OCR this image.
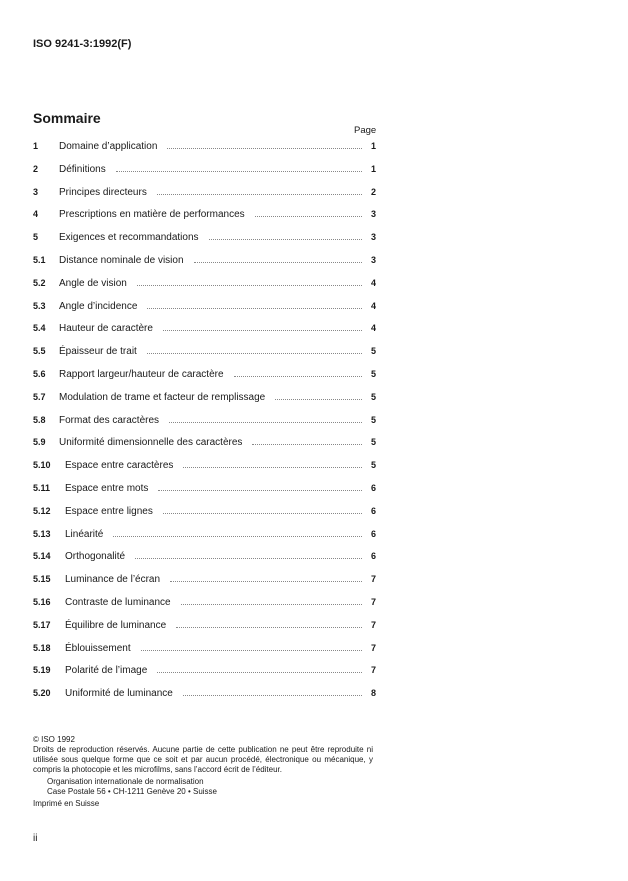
ISO 9241-3:1992(F)
Sommaire
Page
1	Domaine d’application	1
2	Définitions	1
3	Principes directeurs	2
4	Prescriptions en matière de performances	3
5	Exigences et recommandations	3
5.1	Distance nominale de vision	3
5.2	Angle de vision	4
5.3	Angle d’incidence	4
5.4	Hauteur de caractère	4
5.5	Épaisseur de trait	5
5.6	Rapport largeur/hauteur de caractère	5
5.7	Modulation de trame et facteur de remplissage	5
5.8	Format des caractères	5
5.9	Uniformité dimensionnelle des caractères	5
5.10	Espace entre caractères	5
5.11	Espace entre mots	6
5.12	Espace entre lignes	6
5.13	Linéarité	6
5.14	Orthogonalité	6
5.15	Luminance de l’écran	7
5.16	Contraste de luminance	7
5.17	Équilibre de luminance	7
5.18	Éblouissement	7
5.19	Polarité de l’image	7
5.20	Uniformité de luminance	8
© ISO 1992
Droits de reproduction réservés. Aucune partie de cette publication ne peut être reproduite ni utilisée sous quelque forme que ce soit et par aucun procédé, électronique ou mécanique, y compris la photocopie et les microfilms, sans l’accord écrit de l’éditeur.
Organisation internationale de normalisation
Case Postale 56 • CH-1211 Genève 20 • Suisse
Imprimé en Suisse
ii
